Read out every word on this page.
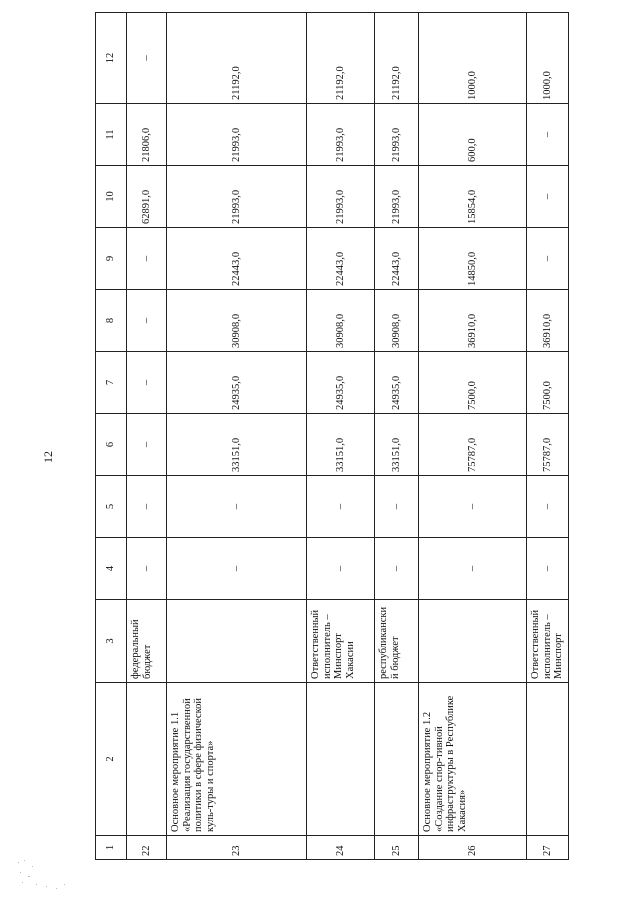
12
1	2	3	4	5	6	7	8	9	10	11	12
22		федеральный бюджет	–	–	–	–	–	–	62891,0	21806,0	–
23	Основное мероприятие 1.1 «Реализация государственной политики в сфере физической куль-туры и спорта»		–	–	33151,0	24935,0	30908,0	22443,0	21993,0	21993,0	21192,0
24		Ответственный исполнитель – Минспорт Хакасии	–	–	33151,0	24935,0	30908,0	22443,0	21993,0	21993,0	21192,0
25		республиканский бюджет	–	–	33151,0	24935,0	30908,0	22443,0	21993,0	21993,0	21192,0
26	Основное мероприятие 1.2 «Создание спор-тивной инфраструктуры в Республике Хакасия»		–	–	75787,0	7500,0	36910,0	14850,0	15854,0	600,0	1000,0
27		Ответственный исполнитель – Минспорт	–	–	75787,0	7500,0	36910,0	–	–	–	1000,0
